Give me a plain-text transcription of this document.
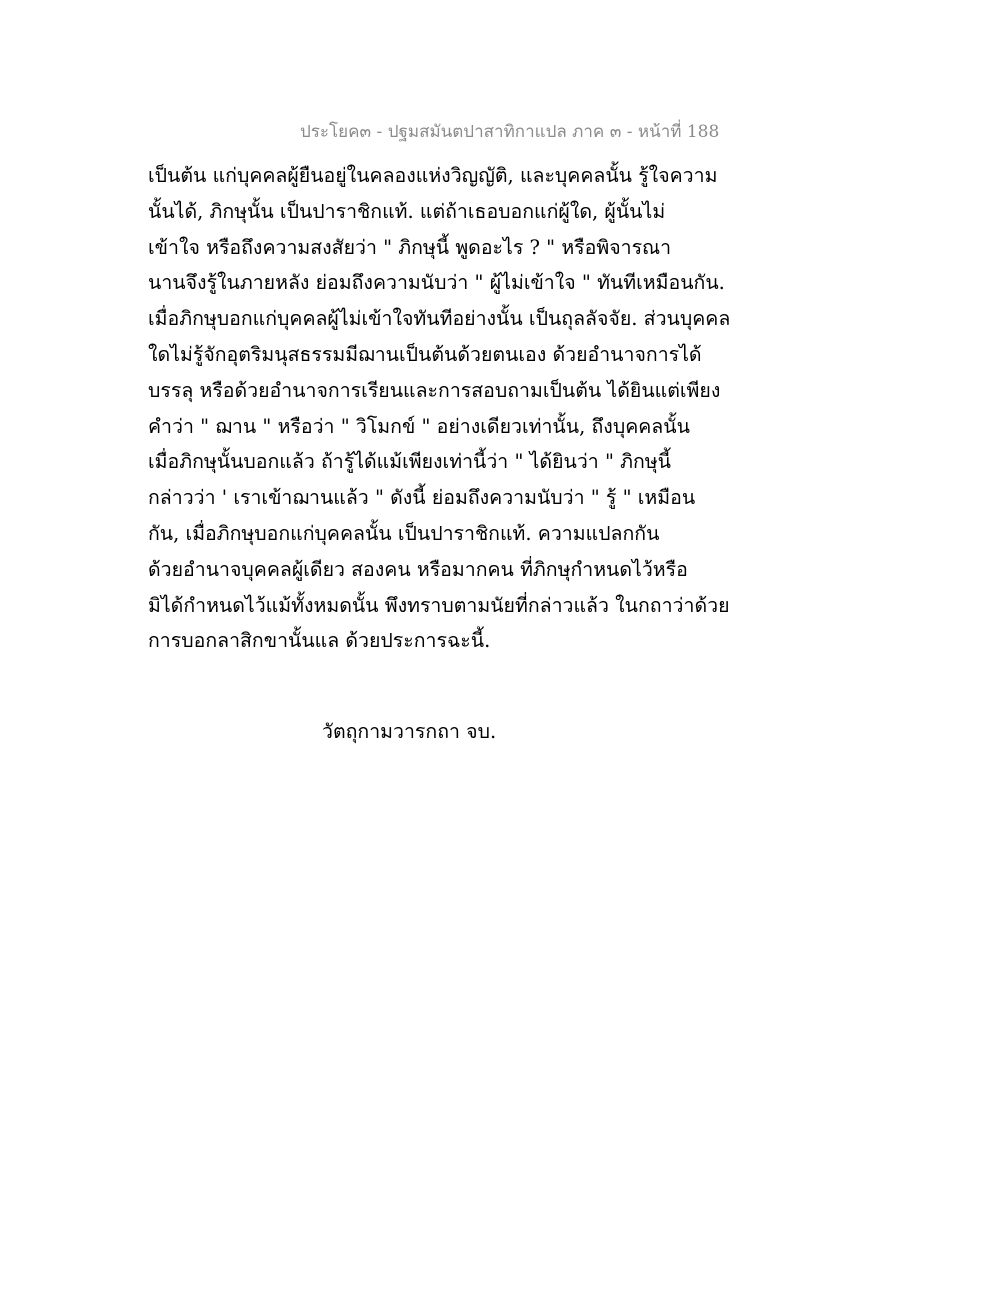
ประโยค๓ - ปฐมสมันตปาสาทิกาแปล ภาค ๓ - หน้าที่ 188
เป็นต้น แก่บุคคลผู้ยืนอยู่ในคลองแห่งวิญญัติ, และบุคคลนั้น รู้ใจความ
นั้นได้, ภิกษุนั้น เป็นปาราชิกแท้. แต่ถ้าเธอบอกแก่ผู้ใด, ผู้นั้นไม่
เข้าใจ หรือถึงความสงสัยว่า " ภิกษุนี้ พูดอะไร ? " หรือพิจารณา
นานจึงรู้ในภายหลัง ย่อมถึงความนับว่า " ผู้ไม่เข้าใจ " ทันทีเหมือนกัน.
เมื่อภิกษุบอกแก่บุคคลผู้ไม่เข้าใจทันทีอย่างนั้น เป็นถุลลัจจัย. ส่วนบุคคล
ใดไม่รู้จักอุตริมนุสธรรมมีฌานเป็นต้นด้วยตนเอง ด้วยอำนาจการได้
บรรลุ หรือด้วยอำนาจการเรียนและการสอบถามเป็นต้น ได้ยินแต่เพียง
คำว่า " ฌาน " หรือว่า " วิโมกข์ " อย่างเดียวเท่านั้น, ถึงบุคคลนั้น
เมื่อภิกษุนั้นบอกแล้ว ถ้ารู้ได้แม้เพียงเท่านี้ว่า " ได้ยินว่า " ภิกษุนี้
กล่าวว่า ' เราเข้าฌานแล้ว " ดังนี้ ย่อมถึงความนับว่า " รู้ " เหมือน
กัน, เมื่อภิกษุบอกแก่บุคคลนั้น เป็นปาราชิกแท้. ความแปลกกัน
ด้วยอำนาจบุคคลผู้เดียว สองคน หรือมากคน ที่ภิกษุกำหนดไว้หรือ
มิได้กำหนดไว้แม้ทั้งหมดนั้น พึงทราบตามนัยที่กล่าวแล้ว ในกถาว่าด้วย
การบอกลาสิกขานั้นแล ด้วยประการฉะนี้.
วัตถุกามวารกถา จบ.
